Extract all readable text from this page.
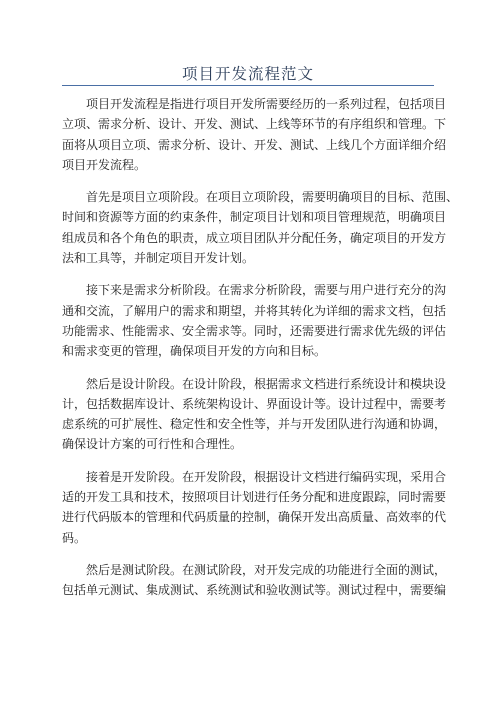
项目开发流程范文

项目开发流程是指进行项目开发所需要经历的一系列过程，包括项目
立项、需求分析、设计、开发、测试、上线等环节的有序组织和管理。下
面将从项目立项、需求分析、设计、开发、测试、上线几个方面详细介绍
项目开发流程。

首先是项目立项阶段。在项目立项阶段，需要明确项目的目标、范围、
时间和资源等方面的约束条件，制定项目计划和项目管理规范，明确项目
组成员和各个角色的职责，成立项目团队并分配任务，确定项目的开发方
法和工具等，并制定项目开发计划。

接下来是需求分析阶段。在需求分析阶段，需要与用户进行充分的沟
通和交流，了解用户的需求和期望，并将其转化为详细的需求文档，包括
功能需求、性能需求、安全需求等。同时，还需要进行需求优先级的评估
和需求变更的管理，确保项目开发的方向和目标。

然后是设计阶段。在设计阶段，根据需求文档进行系统设计和模块设
计，包括数据库设计、系统架构设计、界面设计等。设计过程中，需要考
虑系统的可扩展性、稳定性和安全性等，并与开发团队进行沟通和协调，
确保设计方案的可行性和合理性。

接着是开发阶段。在开发阶段，根据设计文档进行编码实现，采用合
适的开发工具和技术，按照项目计划进行任务分配和进度跟踪，同时需要
进行代码版本的管理和代码质量的控制，确保开发出高质量、高效率的代
码。

然后是测试阶段。在测试阶段，对开发完成的功能进行全面的测试，
包括单元测试、集成测试、系统测试和验收测试等。测试过程中，需要编
